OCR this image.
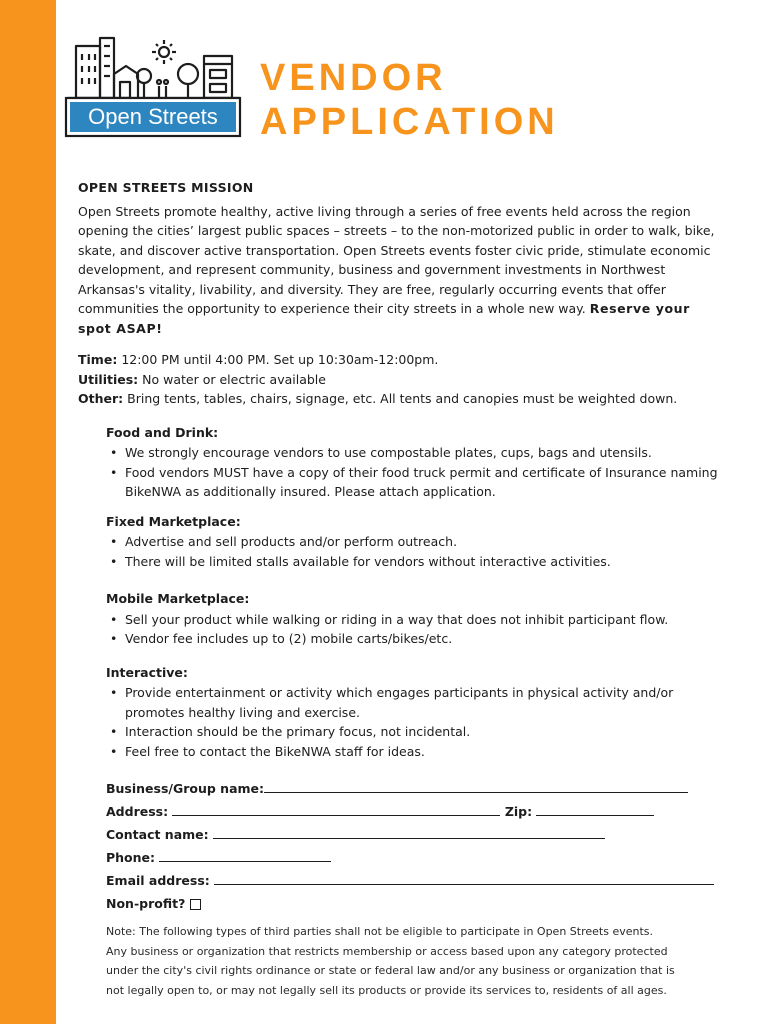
Open Streets
VENDOR
APPLICATION
OPEN STREETS MISSION

Open Streets promote healthy, active living through a series of free events held across the region opening the cities’ largest public spaces – streets – to the non-motorized public in order to walk, bike, skate, and discover active transportation. Open Streets events foster civic pride, stimulate economic development, and represent community, business and government investments in Northwest Arkansas's vitality, livability, and diversity. They are free, regularly occurring events that offer communities the opportunity to experience their city streets in a whole new way. Reserve your spot ASAP!

Time: 12:00 PM until 4:00 PM. Set up 10:30am-12:00pm.
Utilities: No water or electric available
Other: Bring tents, tables, chairs, signage, etc. All tents and canopies must be weighted down.
Food and Drink:
• We strongly encourage vendors to use compostable plates, cups, bags and utensils.
• Food vendors MUST have a copy of their food truck permit and certificate of Insurance naming BikeNWA as additionally insured. Please attach application.
Fixed Marketplace:
• Advertise and sell products and/or perform outreach.
• There will be limited stalls available for vendors without interactive activities.
Mobile Marketplace:
• Sell your product while walking or riding in a way that does not inhibit participant flow.
• Vendor fee includes up to (2) mobile carts/bikes/etc.
Interactive:
• Provide entertainment or activity which engages participants in physical activity and/or promotes healthy living and exercise.
• Interaction should be the primary focus, not incidental.
• Feel free to contact the BikeNWA staff for ideas.
Business/Group name:
Address:	Zip:
Contact name:
Phone:
Email address:
Non-profit?
Note: The following types of third parties shall not be eligible to participate in Open Streets events. Any business or organization that restricts membership or access based upon any category protected under the city's civil rights ordinance or state or federal law and/or any business or organization that is not legally open to, or may not legally sell its products or provide its services to, residents of all ages.
